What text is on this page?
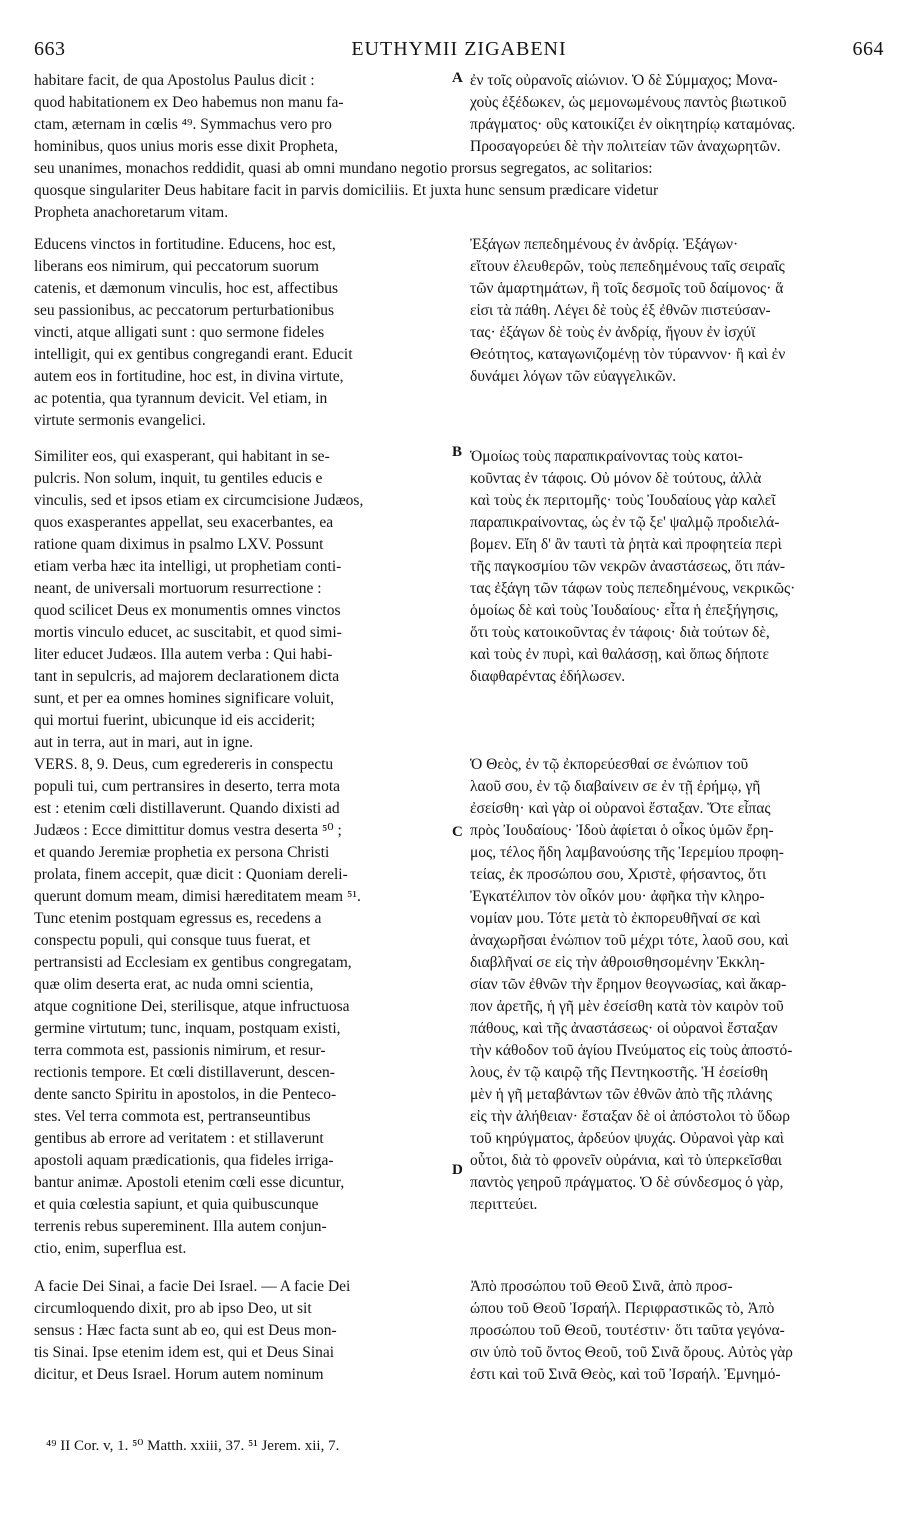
663	EUTHYMII ZIGABENI	664
habitare facit, de qua Apostolus Paulus dicit :
quod habitationem ex Deo habemus non manu fa-
ctam, æternam in cœlis ⁴⁹. Symmachus vero pro
hominibus, quos unius moris esse dixit Propheta,
ἐν τοῖς οὐρανοῖς αἰώνιον. Ὁ δὲ Σύμμαχος; Μονα-
χοὺς ἐξέδωκεν, ὡς μεμονωμένους παντὸς βιωτικοῦ
πράγματος· οὓς κατοικίζει ἐν οἰκητηρίῳ καταμόνας.
Προσαγορεύει δὲ τὴν πολιτείαν τῶν ἀναχωρητῶν.
seu unanimes, monachos reddidit, quasi ab omni mundano negotio prorsus segregatos, ac solitarios:
quosque singulariter Deus habitare facit in parvis domiciliis. Et juxta hunc sensum prædicare videtur
Propheta anachoretarum vitam.
Educens vinctos in fortitudine. Educens, hoc est,
liberans eos nimirum, qui peccatorum suorum
catenis, et dæmonum vinculis, hoc est, affectibus
seu passionibus, ac peccatorum perturbationibus
vincti, atque alligati sunt : quo sermone fideles
intelligit, qui ex gentibus congregandi erant. Educit
autem eos in fortitudine, hoc est, in divina virtute,
ac potentia, qua tyrannum devicit. Vel etiam, in
virtute sermonis evangelici.
Ἐξάγων πεπεδημένους ἐν ἀνδρίᾳ. Ἐξάγων·
εἴτουν ἐλευθερῶν, τοὺς πεπεδημένους ταῖς σειραῖς
τῶν ἁμαρτημάτων, ἢ τοῖς δεσμοῖς τοῦ δαίμονος· ἅ
εἰσι τὰ πάθη. Λέγει δὲ τοὺς ἐξ ἐθνῶν πιστεύσαν-
τας· ἐξάγων δὲ τοὺς ἐν ἀνδρίᾳ, ἤγουν ἐν ἰσχύϊ
Θεότητος, καταγωνιζομένῃ τὸν τύραννον· ἢ καὶ ἐν
δυνάμει λόγων τῶν εὐαγγελικῶν.
Similiter eos, qui exasperant, qui habitant in se-
pulcris. Non solum, inquit, tu gentiles educis e
vinculis, sed et ipsos etiam ex circumcisione Judæos,
quos exasperantes appellat, seu exacerbantes, ea
ratione quam diximus in psalmo LXV. Possunt
etiam verba hæc ita intelligi, ut prophetiam conti-
neant, de universali mortuorum resurrectione :
quod scilicet Deus ex monumentis omnes vinctos
mortis vinculo educet, ac suscitabit, et quod simi-
liter educet Judæos. Illa autem verba : Qui habi-
tant in sepulcris, ad majorem declarationem dicta
sunt, et per ea omnes homines significare voluit,
Ὁμοίως τοὺς παραπικραίνοντας τοὺς κατοι-
κοῦντας ἐν τάφοις. Οὐ μόνον δὲ τούτους, ἀλλὰ
καὶ τοὺς ἐκ περιτομῆς· τοὺς Ἰουδαίους γὰρ καλεῖ
παραπικραίνοντας, ὡς ἐν τῷ ξε' ψαλμῷ προδιελά-
βομεν. Εἴη δ' ἂν ταυτὶ τὰ ῥητὰ καὶ προφητεία περὶ
τῆς παγκοσμίου τῶν νεκρῶν ἀναστάσεως, ὅτι πάν-
τας ἐξάγη τῶν τάφων τοὺς πεπεδημένους, νεκρικῶς·
ὁμοίως δὲ καὶ τοὺς Ἰουδαίους· εἶτα ἡ ἐπεξήγησις,
ὅτι τοὺς κατοικοῦντας ἐν τάφοις· διὰ τούτων δὲ,
καὶ τοὺς ἐν πυρὶ, καὶ θαλάσσῃ, καὶ ὅπως δήποτε
διαφθαρέντας ἐδήλωσεν.
qui mortui fuerint, ubicunque id eis acciderit;
aut in terra, aut in mari, aut in igne.
VERS. 8, 9. Deus, cum egredereris in conspectu
populi tui, cum pertransires in deserto, terra mota
est : etenim cœli distillaverunt. Quando dixisti ad
Judæos : Ecce dimittitur domus vestra deserta ⁵⁰ ;
et quando Jeremiæ prophetia ex persona Christi
prolata, finem accepit, quæ dicit : Quoniam dereli-
querunt domum meam, dimisi hæreditatem meam ⁵¹.
Tunc etenim postquam egressus es, recedens a
conspectu populi, qui consque tuus fuerat, et
pertransisti ad Ecclesiam ex gentibus congregatam,
quæ olim deserta erat, ac nuda omni scientia,
atque cognitione Dei, sterilisque, atque infructuosa
germine virtutum; tunc, inquam, postquam existi,
terra commota est, passionis nimirum, et resur-
rectionis tempore. Et cœli distillaverunt, descen-
dente sancto Spiritu in apostolos, in die Penteco-
stes. Vel terra commota est, pertranseuntibus
gentibus ab errore ad veritatem : et stillaverunt
apostoli aquam prædicationis, qua fideles irriga-
bantur animæ. Apostoli etenim cœli esse dicuntur,
et quia cœlestia sapiunt, et quia quibuscunque
terrenis rebus supereminent. Illa autem conjun-
ctio, enim, superflua est.
Ὁ Θεὸς, ἐν τῷ ἐκπορεύεσθαί σε ἐνώπιον τοῦ
λαοῦ σου, ἐν τῷ διαβαίνειν σε ἐν τῇ ἐρήμῳ, γῆ
ἐσείσθη· καὶ γὰρ οἱ οὐρανοὶ ἔσταξαν. Ὅτε εἶπας
πρὸς Ἰουδαίους· Ἰδοὺ ἀφίεται ὁ οἶκος ὑμῶν ἔρη-
μος, τέλος ἤδη λαμβανούσης τῆς Ἱερεμίου προφη-
τείας, ἐκ προσώπου σου, Χριστὲ, φήσαντος, ὅτι
Ἐγκατέλιπον τὸν οἶκόν μου· ἀφῆκα τὴν κληρο-
νομίαν μου. Τότε μετὰ τὸ ἐκπορευθῆναί σε καὶ
ἀναχωρῆσαι ἐνώπιον τοῦ μέχρι τότε, λαοῦ σου, καὶ
διαβλῆναί σε εἰς τὴν ἀθροισθησομένην Ἐκκλη-
σίαν τῶν ἐθνῶν τὴν ἔρημον θεογνωσίας, καὶ ἄκαρ-
πον ἀρετῆς, ἡ γῆ μὲν ἐσείσθη κατὰ τὸν καιρὸν τοῦ
πάθους, καὶ τῆς ἀναστάσεως· οἱ οὐρανοὶ ἔσταξαν
τὴν κάθοδον τοῦ ἁγίου Πνεύματος εἰς τοὺς ἀποστό-
λους, ἐν τῷ καιρῷ τῆς Πεντηκοστῆς. Ἡ ἐσείσθη
μὲν ἡ γῆ μεταβάντων τῶν ἐθνῶν ἀπὸ τῆς πλάνης
εἰς τὴν ἀλήθειαν· ἔσταξαν δὲ οἱ ἀπόστολοι τὸ ὕδωρ
τοῦ κηρύγματος, ἀρδεύον ψυχάς. Οὐρανοὶ γὰρ καὶ
οὗτοι, διὰ τὸ φρονεῖν οὐράνια, καὶ τὸ ὑπερκεῖσθαι
παντὸς γεηροῦ πράγματος. Ὁ δὲ σύνδεσμος ὁ γὰρ,
περιττεύει.
A facie Dei Sinai, a facie Dei Israel. — A facie Dei
circumloquendo dixit, pro ab ipso Deo, ut sit
sensus : Hæc facta sunt ab eo, qui est Deus mon-
tis Sinai. Ipse etenim idem est, qui et Deus Sinai
dicitur, et Deus Israel. Horum autem nominum
Ἀπὸ προσώπου τοῦ Θεοῦ Σινᾶ, ἀπὸ προσ-
ώπου τοῦ Θεοῦ Ἰσραήλ. Περιφραστικῶς τὸ, Ἀπὸ
προσώπου τοῦ Θεοῦ, τουτέστιν· ὅτι ταῦτα γεγόνα-
σιν ὑπὸ τοῦ ὄντος Θεοῦ, τοῦ Σινᾶ ὄρους. Αὐτὸς γὰρ
ἐστι καὶ τοῦ Σινᾶ Θεὸς, καὶ τοῦ Ἰσραήλ. Ἐμνημό-
A
B
C
D
⁴⁹ II Cor. v, 1. ⁵⁰ Matth. xxiii, 37. ⁵¹ Jerem. xii, 7.
